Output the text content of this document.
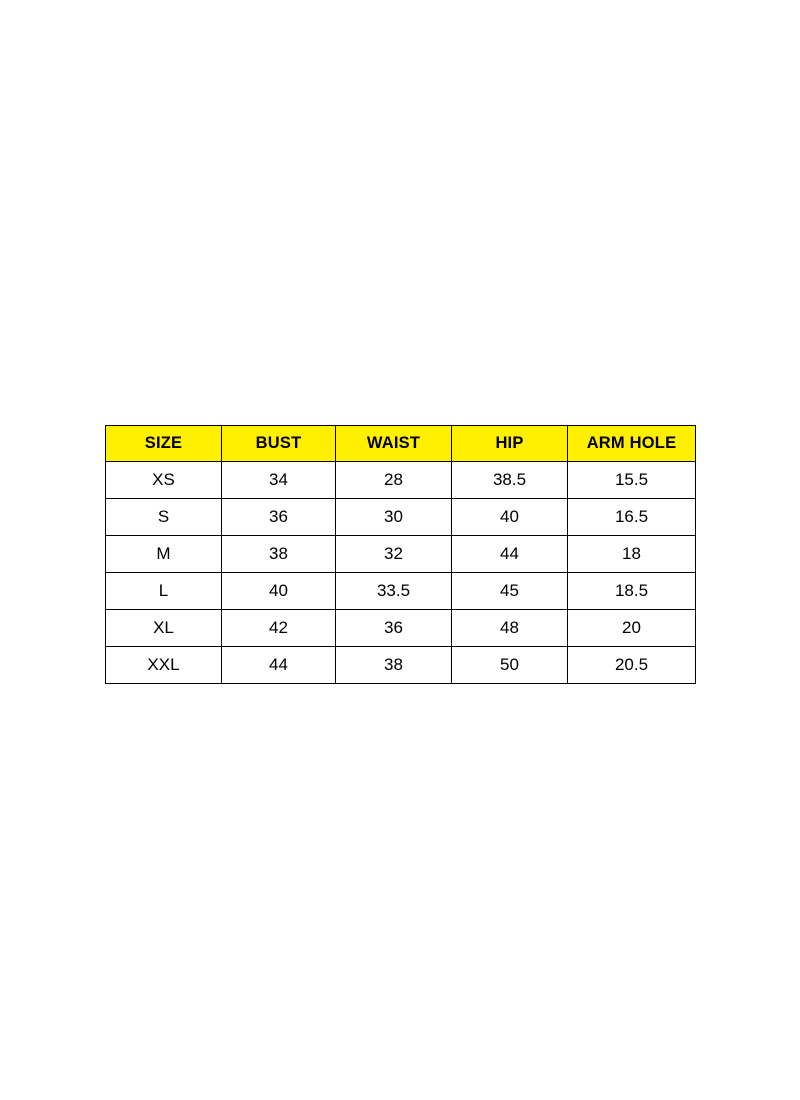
SIZE	BUST	WAIST	HIP	ARM HOLE
XS	34	28	38.5	15.5
S	36	30	40	16.5
M	38	32	44	18
L	40	33.5	45	18.5
XL	42	36	48	20
XXL	44	38	50	20.5
